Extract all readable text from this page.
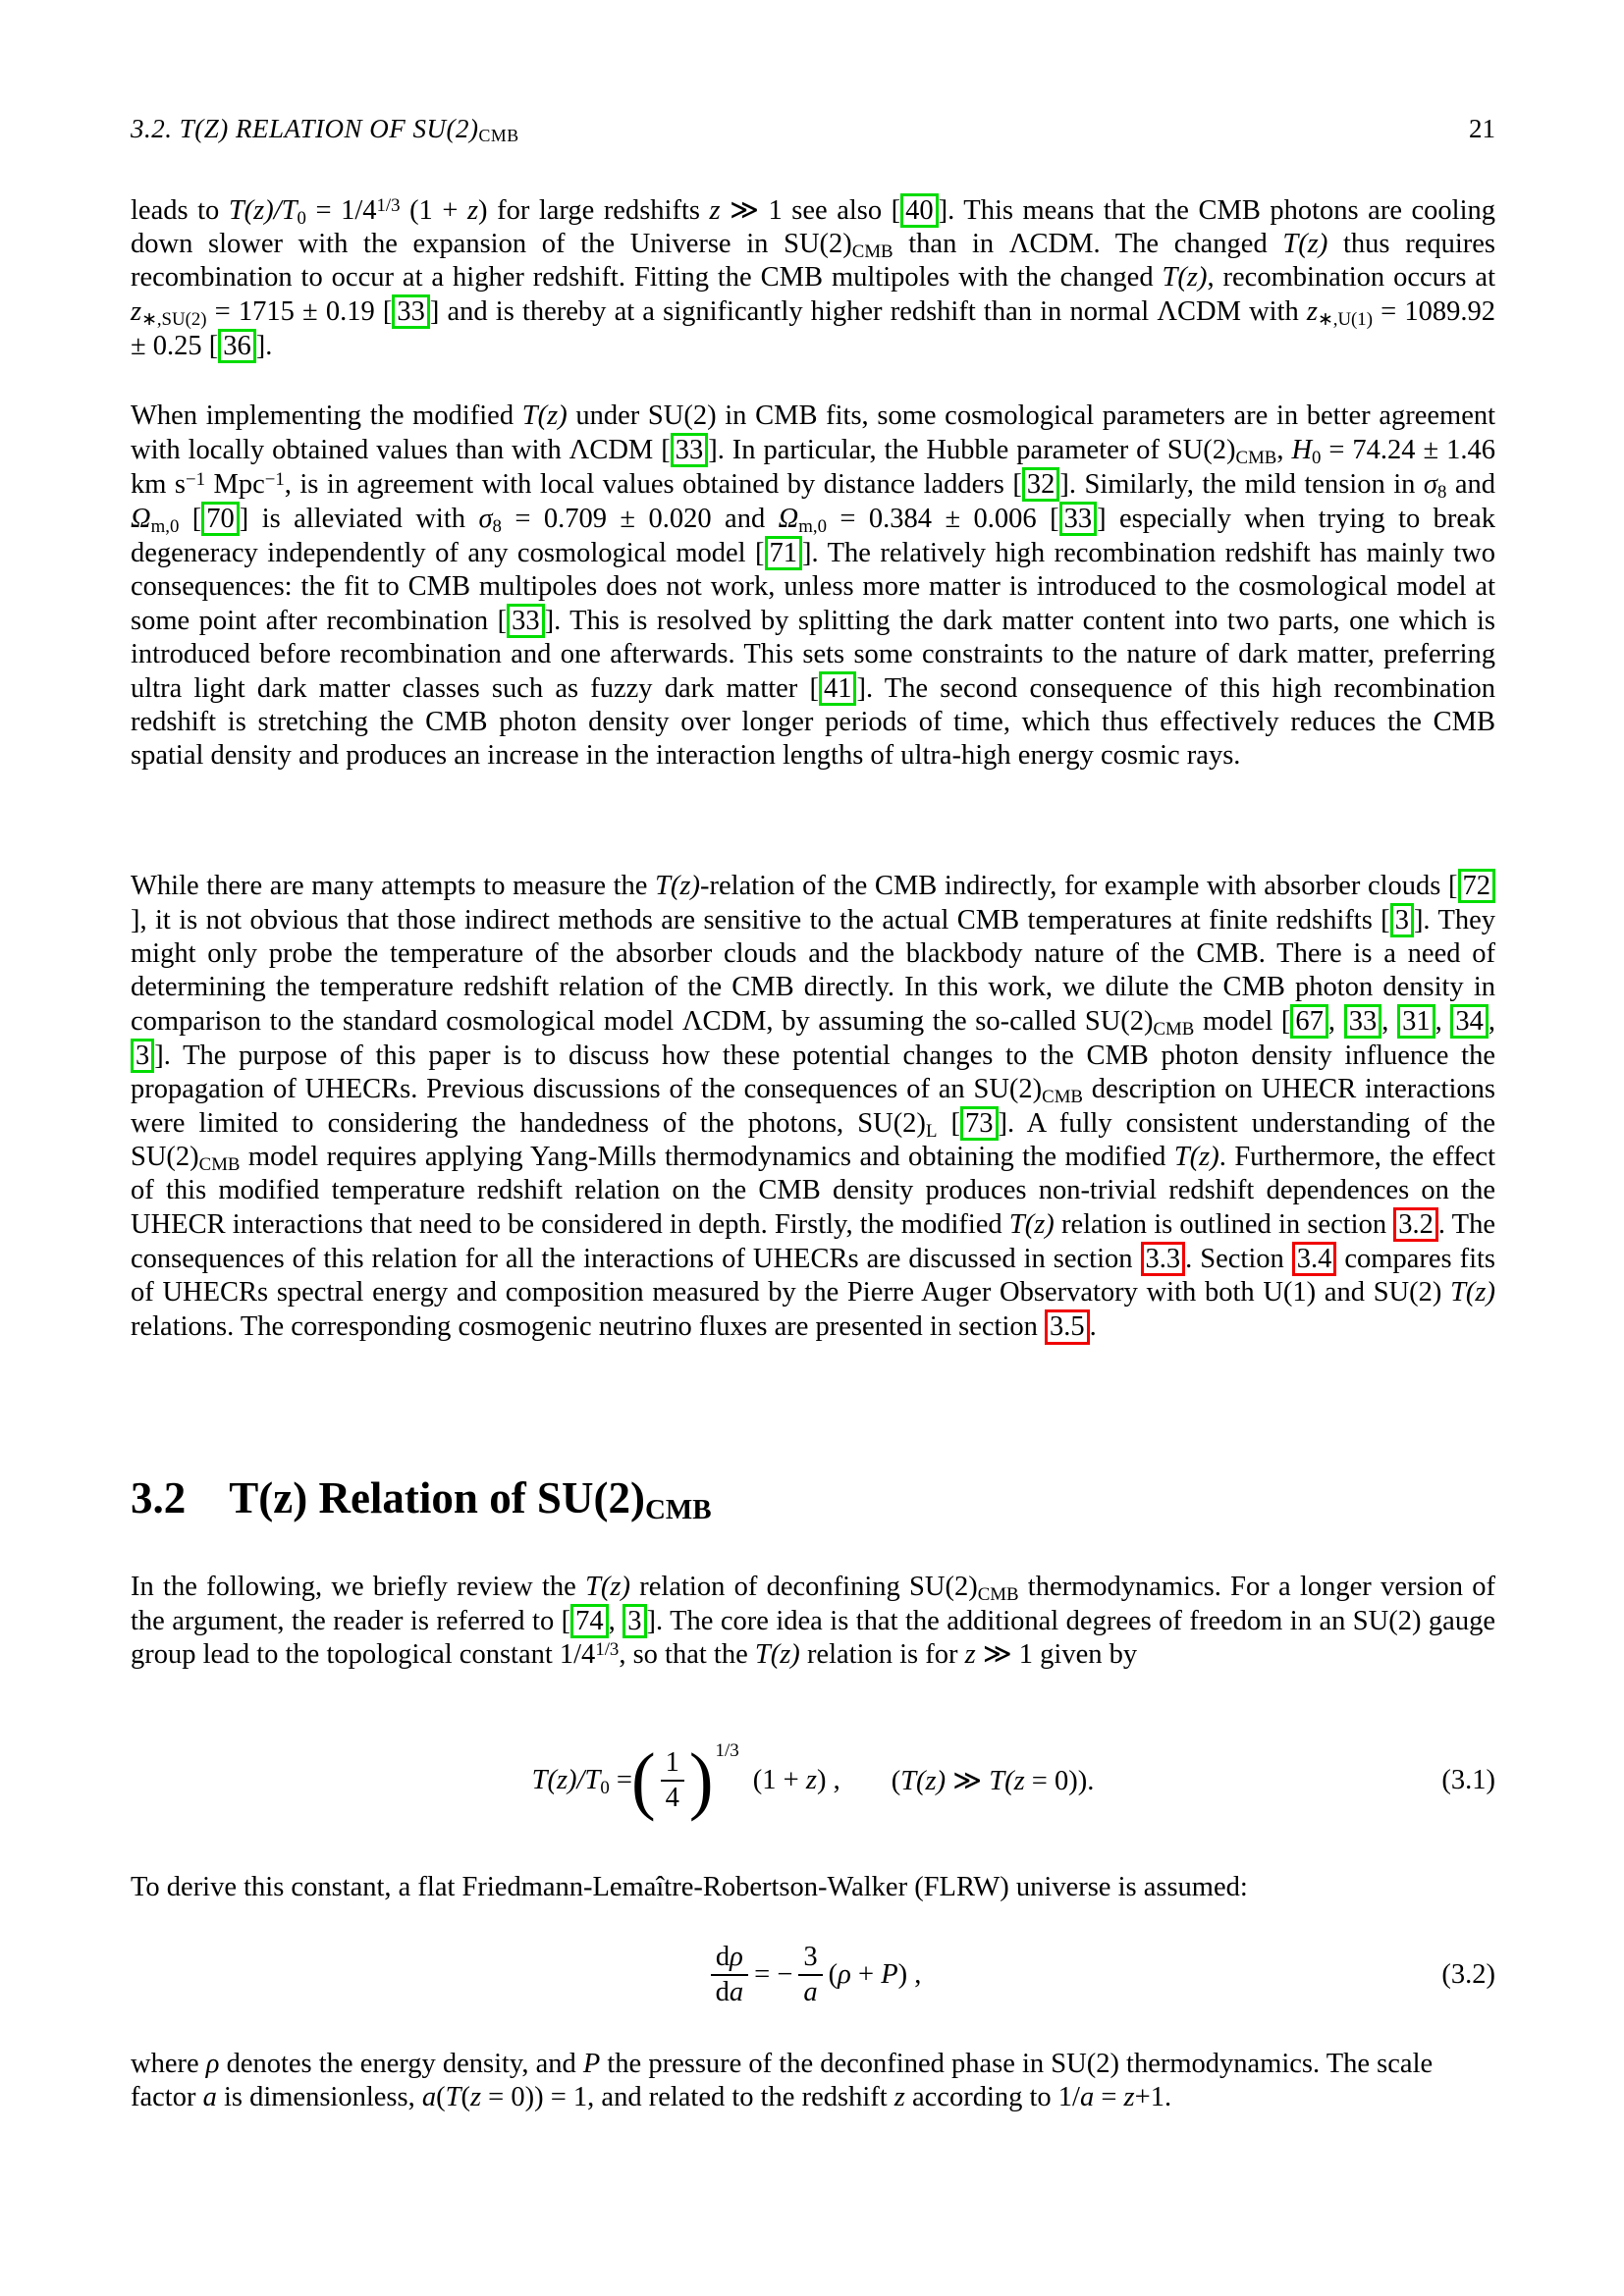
3.2. T(Z) RELATION OF $SU(2)_{CMB}$	21

leads to $T(z)/T_0 = 1/4^{1/3}$ (1 + z) for large redshifts z ≫ 1 see also [ 40 ]. This means that the CMB photons are cooling down slower with the expansion of the Universe in $SU(2)_{CMB}$ than in ΛCDM. The changed T(z) thus requires recombination to occur at a higher redshift. Fitting the CMB multipoles with the changed T(z), recombination occurs at $z_{∗,SU(2)} = 1715 \pm 0.19$ [ 33 ] and is thereby at a significantly higher redshift than in normal ΛCDM with $z_{∗,U(1)} = 1089.92 \pm 0.25$ [ 36 ].

When implementing the modified T(z) under SU(2) in CMB fits, some cosmological parameters are in better agreement with locally obtained values than with ΛCDM [ 33 ]. In particular, the Hubble parameter of $SU(2)_{CMB}$, $H_0 = 74.24 \pm 1.46$ km $s^{-1}$ Mpc$^{-1}$, is in agreement with local values obtained by distance ladders [ 32 ]. Similarly, the mild tension in $\sigma_8$ and $\Omega_{m,0}$ [ 70 ] is alleviated with $\sigma_8 = 0.709 \pm 0.020$ and $\Omega_{m,0} = 0.384 \pm 0.006$ [ 33 ] especially when trying to break degeneracy independently of any cosmological model [ 71 ]. The relatively high recombination redshift has mainly two consequences: the fit to CMB multipoles does not work, unless more matter is introduced to the cosmological model at some point after recombination [ 33 ]. This is resolved by splitting the dark matter content into two parts, one which is introduced before recombination and one afterwards. This sets some constraints to the nature of dark matter, preferring ultra light dark matter classes such as fuzzy dark matter [ 41 ]. The second consequence of this high recombination redshift is stretching the CMB photon density over longer periods of time, which thus effectively reduces the CMB spatial density and produces an increase in the interaction lengths of ultra-high energy cosmic rays.

While there are many attempts to measure the T(z)-relation of the CMB indirectly, for example with absorber clouds [ 72], it is not obvious that those indirect methods are sensitive to the actual CMB temperatures at finite redshifts [ 3 ]. They might only probe the temperature of the absorber clouds and the blackbody nature of the CMB. There is a need of determining the temperature redshift relation of the CMB directly. In this work, we dilute the CMB photon density in comparison to the standard cosmological model ΛCDM, by assuming the so-called $SU(2)_{CMB}$ model [ 67 , 33 , 31 , 34 , 3 ]. The purpose of this paper is to discuss how these potential changes to the CMB photon density influence the propagation of UHECRs. Previous discussions of the consequences of an $SU(2)_{CMB}$ description on UHECR interactions were limited to considering the handedness of the photons, $SU(2)_L$ [ 73 ]. A fully consistent understanding of the $SU(2)_{CMB}$ model requires applying Yang-Mills thermodynamics and obtaining the modified T(z). Furthermore, the effect of this modified temperature redshift relation on the CMB density produces non-trivial redshift dependences on the UHECR interactions that need to be considered in depth. Firstly, the modified T(z) relation is outlined in section 3.2 . The consequences of this relation for all the interactions of UHECRs are discussed in section 3.3 . Section 3.4 compares fits of UHECRs spectral energy and composition measured by the Pierre Auger Observatory with both U(1) and SU(2) T(z) relations. The corresponding cosmogenic neutrino fluxes are presented in section 3.5 .

3.2 T(z) Relation of $SU(2)_{CMB}$

In the following, we briefly review the T(z) relation of deconfining $SU(2)_{CMB}$ thermodynamics. For a longer version of the argument, the reader is referred to [ 74 , 3 ]. The core idea is that the additional degrees of freedom in an SU(2) gauge group lead to the topological constant $1/4^{1/3}$, so that the T(z) relation is for z ≫ 1 given by

$T(z)/T_0$ = ( $\frac{1}{4}$ ) 1/3
(1 + z) , (T(z) ≫ T(z = 0)).	(3.1)

To derive this constant, a flat Friedmann-Lemaître-Robertson-Walker (FLRW) universe is assumed:

$\frac{d\rho}{da}$ = − $\frac{3}{a} (\rho + P)$ ,	(3.2)

where ρ denotes the energy density, and P the pressure of the deconfined phase in SU(2) thermodynamics. The scale factor a is dimensionless, a(T(z = 0)) = 1, and related to the redshift z according to 1/a = z+1.
